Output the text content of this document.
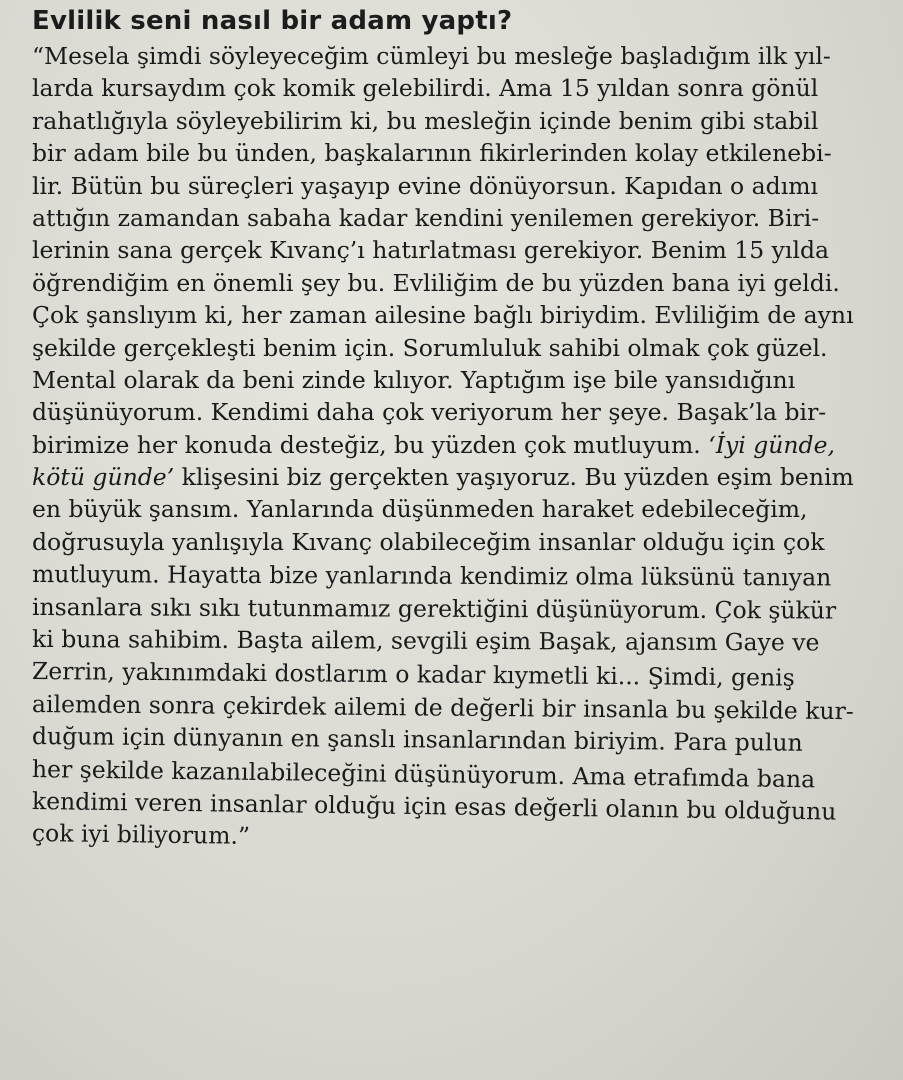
Evlilik seni nasıl bir adam yaptı?
“Mesela şimdi söyleyeceğim cümleyi bu mesleğe başladığım ilk yıl-
larda kursaydım çok komik gelebilirdi. Ama 15 yıldan sonra gönül
rahatlığıyla söyleyebilirim ki, bu mesleğin içinde benim gibi stabil
bir adam bile bu ünden, başkalarının fikirlerinden kolay etkilenebi-
lir. Bütün bu süreçleri yaşayıp evine dönüyorsun. Kapıdan o adımı
attığın zamandan sabaha kadar kendini yenilemen gerekiyor. Biri-
lerinin sana gerçek Kıvanç’ı hatırlatması gerekiyor. Benim 15 yılda
öğrendiğim en önemli şey bu. Evliliğim de bu yüzden bana iyi geldi.
Çok şanslıyım ki, her zaman ailesine bağlı biriydim. Evliliğim de aynı
şekilde gerçekleşti benim için. Sorumluluk sahibi olmak çok güzel.
Mental olarak da beni zinde kılıyor. Yaptığım işe bile yansıdığını
düşünüyorum. Kendimi daha çok veriyorum her şeye. Başak’la bir-
birimize her konuda desteğiz, bu yüzden çok mutluyum. ‘İyi günde,
kötü günde’ klişesini biz gerçekten yaşıyoruz. Bu yüzden eşim benim
en büyük şansım. Yanlarında düşünmeden haraket edebileceğim,
doğrusuyla yanlışıyla Kıvanç olabileceğim insanlar olduğu için çok
mutluyum. Hayatta bize yanlarında kendimiz olma lüksünü tanıyan
insanlara sıkı sıkı tutunmamız gerektiğini düşünüyorum. Çok şükür
ki buna sahibim. Başta ailem, sevgili eşim Başak, ajansım Gaye ve
Zerrin, yakınımdaki dostlarım o kadar kıymetli ki... Şimdi, geniş
ailemden sonra çekirdek ailemi de değerli bir insanla bu şekilde kur-
duğum için dünyanın en şanslı insanlarından biriyim. Para pulun
her şekilde kazanılabileceğini düşünüyorum. Ama etrafımda bana
kendimi veren insanlar olduğu için esas değerli olanın bu olduğunu
çok iyi biliyorum.”
